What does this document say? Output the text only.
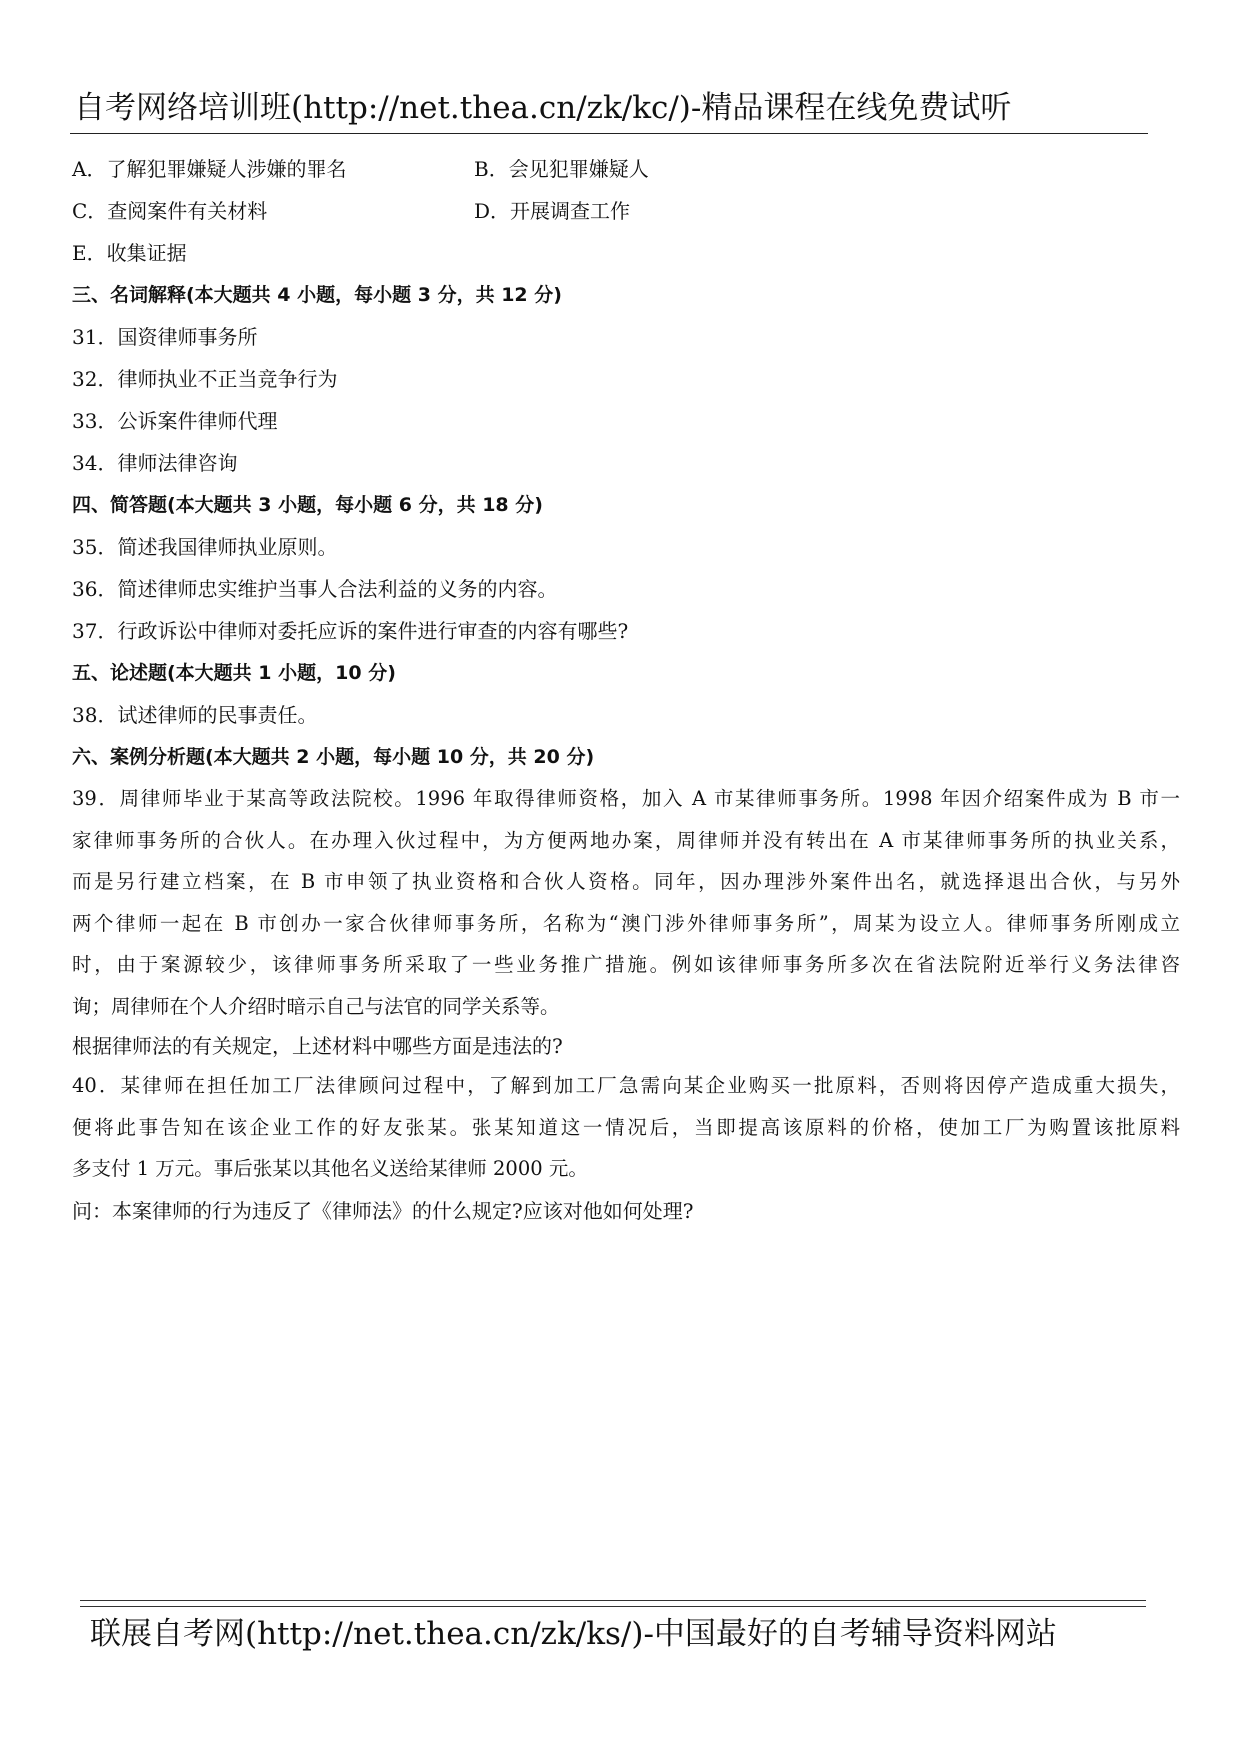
自考网络培训班(http://net.thea.cn/zk/kc/)-精品课程在线免费试听
A．了解犯罪嫌疑人涉嫌的罪名	B．会见犯罪嫌疑人
C．查阅案件有关材料	D．开展调查工作
E．收集证据
三、名词解释(本大题共 4 小题，每小题 3 分，共 12 分)
31．国资律师事务所
32．律师执业不正当竞争行为
33．公诉案件律师代理
34．律师法律咨询
四、简答题(本大题共 3 小题，每小题 6 分，共 18 分)
35．简述我国律师执业原则。
36．简述律师忠实维护当事人合法利益的义务的内容。
37．行政诉讼中律师对委托应诉的案件进行审查的内容有哪些?
五、论述题(本大题共 1 小题，10 分)
38．试述律师的民事责任。
六、案例分析题(本大题共 2 小题，每小题 10 分，共 20 分)
39．周律师毕业于某高等政法院校。1996 年取得律师资格，加入 A 市某律师事务所。1998 年因介绍案件成为 B 市一
家律师事务所的合伙人。在办理入伙过程中，为方便两地办案，周律师并没有转出在 A 市某律师事务所的执业关系，
而是另行建立档案，在 B 市申领了执业资格和合伙人资格。同年，因办理涉外案件出名，就选择退出合伙，与另外
两个律师一起在 B 市创办一家合伙律师事务所，名称为“澳门涉外律师事务所”，周某为设立人。律师事务所刚成立
时，由于案源较少，该律师事务所采取了一些业务推广措施。例如该律师事务所多次在省法院附近举行义务法律咨
询；周律师在个人介绍时暗示自己与法官的同学关系等。
根据律师法的有关规定，上述材料中哪些方面是违法的?
40．某律师在担任加工厂法律顾问过程中，了解到加工厂急需向某企业购买一批原料，否则将因停产造成重大损失，
便将此事告知在该企业工作的好友张某。张某知道这一情况后，当即提高该原料的价格，使加工厂为购置该批原料
多支付 1 万元。事后张某以其他名义送给某律师 2000 元。
问：本案律师的行为违反了《律师法》的什么规定?应该对他如何处理?
联展自考网(http://net.thea.cn/zk/ks/)-中国最好的自考辅导资料网站
